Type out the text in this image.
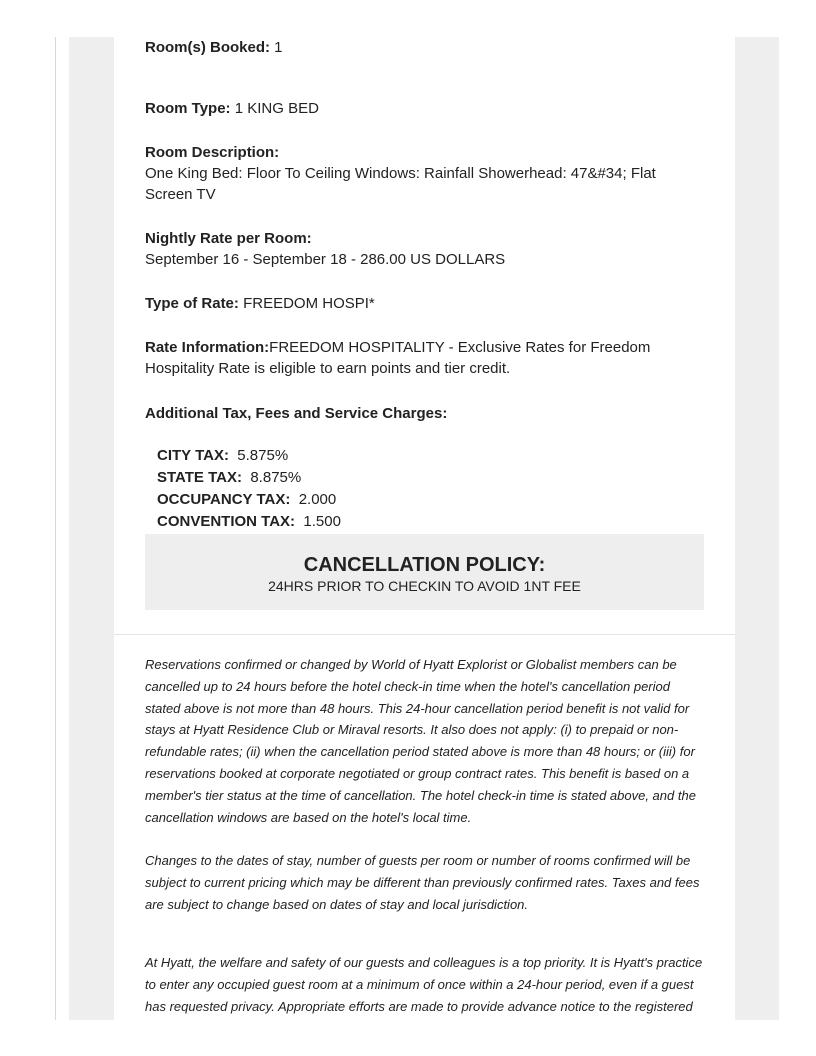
Room(s) Booked: 1

Room Type: 1 KING BED

Room Description:

One King Bed: Floor To Ceiling Windows: Rainfall Showerhead: 47&#34; Flat Screen TV

Nightly Rate per Room:

September 16 - September 18 - 286.00 US DOLLARS

Type of Rate: FREEDOM HOSPI*

Rate Information:FREEDOM HOSPITALITY - Exclusive Rates for Freedom Hospitality Rate is eligible to earn points and tier credit.

Additional Tax, Fees and Service Charges:

CITY TAX: 5.875%
STATE TAX: 8.875%
OCCUPANCY TAX: 2.000
CONVENTION TAX: 1.500
CANCELLATION POLICY:
24HRS PRIOR TO CHECKIN TO AVOID 1NT FEE

Reservations confirmed or changed by World of Hyatt Explorist or Globalist members can be cancelled up to 24 hours before the hotel check-in time when the hotel's cancellation period stated above is not more than 48 hours. This 24-hour cancellation period benefit is not valid for stays at Hyatt Residence Club or Miraval resorts. It also does not apply: (i) to prepaid or non-refundable rates; (ii) when the cancellation period stated above is more than 48 hours; or (iii) for reservations booked at corporate negotiated or group contract rates. This benefit is based on a member's tier status at the time of cancellation. The hotel check-in time is stated above, and the cancellation windows are based on the hotel's local time.

Changes to the dates of stay, number of guests per room or number of rooms confirmed will be subject to current pricing which may be different than previously confirmed rates. Taxes and fees are subject to change based on dates of stay and local jurisdiction.

At Hyatt, the welfare and safety of our guests and colleagues is a top priority. It is Hyatt's practice to enter any occupied guest room at a minimum of once within a 24-hour period, even if a guest has requested privacy. Appropriate efforts are made to provide advance notice to the registered
